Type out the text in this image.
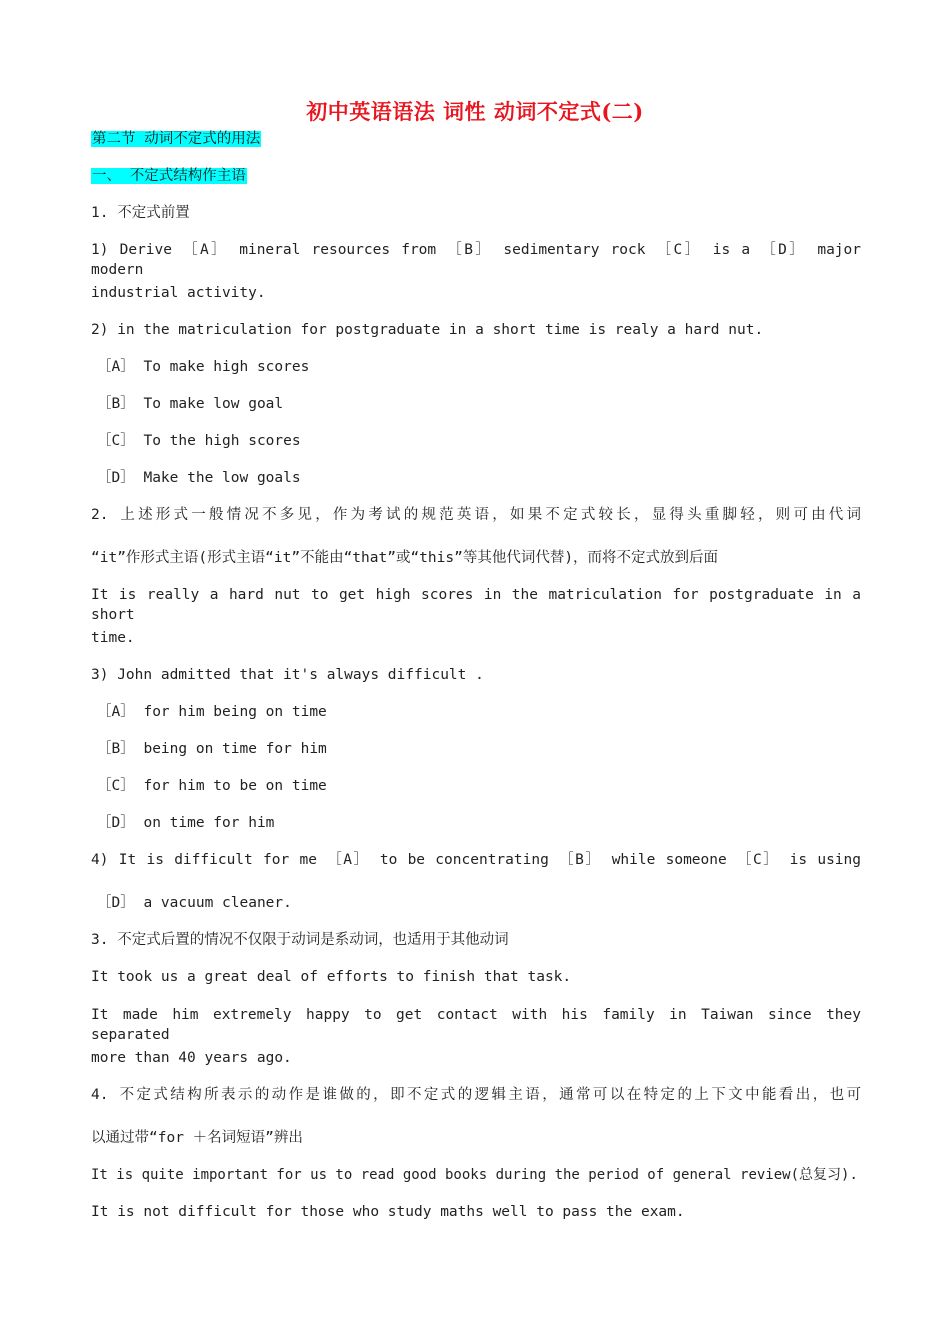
初中英语语法 词性 动词不定式(二)
第二节 动词不定式的用法
一、 不定式结构作主语
1. 不定式前置
1) Derive ［A］ mineral resources from ［B］ sedimentary rock ［C］ is a ［D］ major modern
industrial activity.
2) in the matriculation for postgraduate in a short time is realy a hard nut.
［A］ To make high scores
［B］ To make low goal
［C］ To the high scores
［D］ Make the low goals
2. 上述形式一般情况不多见，作为考试的规范英语，如果不定式较长，显得头重脚轻，则可由代词
“it”作形式主语(形式主语“it”不能由“that”或“this”等其他代词代替)，而将不定式放到后面
It is really a hard nut to get high scores in the matriculation for postgraduate in a short
time.
3) John admitted that it's always difficult .
［A］ for him being on time
［B］ being on time for him
［C］ for him to be on time
［D］ on time for him
4) It is difficult for me ［A］ to be concentrating ［B］ while someone ［C］ is using
［D］ a vacuum cleaner.
3. 不定式后置的情况不仅限于动词是系动词，也适用于其他动词
It took us a great deal of efforts to finish that task.
It made him extremely happy to get contact with his family in Taiwan since they separated
more than 40 years ago.
4. 不定式结构所表示的动作是谁做的，即不定式的逻辑主语，通常可以在特定的上下文中能看出，也可
以通过带“for ＋名词短语”辨出
It is quite important for us to read good books during the period of general review(总复习).
It is not difficult for those who study maths well to pass the exam.
